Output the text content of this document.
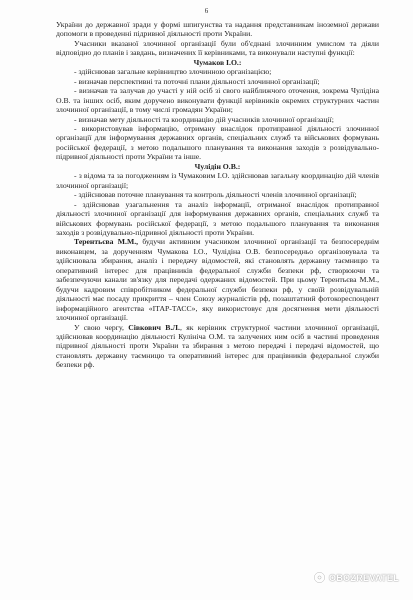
6

України до державної зради у формі шпигунства та надання представникам іноземної держави допомоги в проведенні підривної діяльності проти України.

Учасники вказаної злочинної організації були об'єднані злочинним умислом та діяли відповідно до планів і завдань, визначених її керівниками, та виконували наступні функції:

Чумаков І.О.:

- здійснював загальне керівництво злочинною організацією;

- визначав перспективні та поточні плани діяльності злочинної організації;

- визначав та залучав до участі у ній осіб зі свого найближчого оточення, зокрема Чулідіна О.В. та інших осіб, яким доручено виконувати функції керівників окремих структурних частин злочинної організації, в тому числі громадян України;

- визначав мету діяльності та координацію дій учасників злочинної організації;

- використовував інформацію, отриману внаслідок протиправної діяльності злочинної організації для інформування державних органів, спеціальних служб та військових формувань російської федерації, з метою подальшого планування та виконання заходів з розвідувально-підривної діяльності проти України та інше.

Чулідін О.В.:

- з відома та за погодженням із Чумаковим І.О. здійснював загальну координацію дій членів злочинної організації;

- здійснював поточне планування та контроль діяльності членів злочинної організації;

- здійснював узагальнення та аналіз інформації, отриманої внаслідок протиправної діяльності злочинної організації для інформування державних органів, спеціальних служб та військових формувань російської федерації, з метою подальшого планування та виконання заходів з розвідувально-підривної діяльності проти України.

Терентьєва М.М., будучи активним учасником злочинної організації та безпосереднім виконавцем, за дорученням Чумакова І.О., Чулідіна О.В. безпосередньо організовувала та здійснювала збирання, аналіз і передачу відомостей, які становлять державну таємницю та оперативний інтерес для працівників федеральної служби безпеки рф, створюючи та забезпечуючи канали зв'язку для передачі одержаних відомостей. При цьому Терентьєва М.М., будучи кадровим співробітником федеральної служби безпеки рф, у своїй розвідувальній діяльності має посаду прикриття – член Союзу журналістів рф, позаштатний фотокореспондент інформаційного агентства «ІТАР-ТАСС», яку використовує для досягнення мети діяльності злочинної організації.

У свою чергу, Сівкович В.Л., як керівник структурної частини злочинної організації, здійснював координацію діяльності Кулініча О.М. та залучених ним осіб в частині проведення підривної діяльності проти України та збирання з метою передачі і передачі відомостей, що становлять державну таємницю та оперативний інтерес для працівників федеральної служби безпеки рф.

OBOZREVATEL
